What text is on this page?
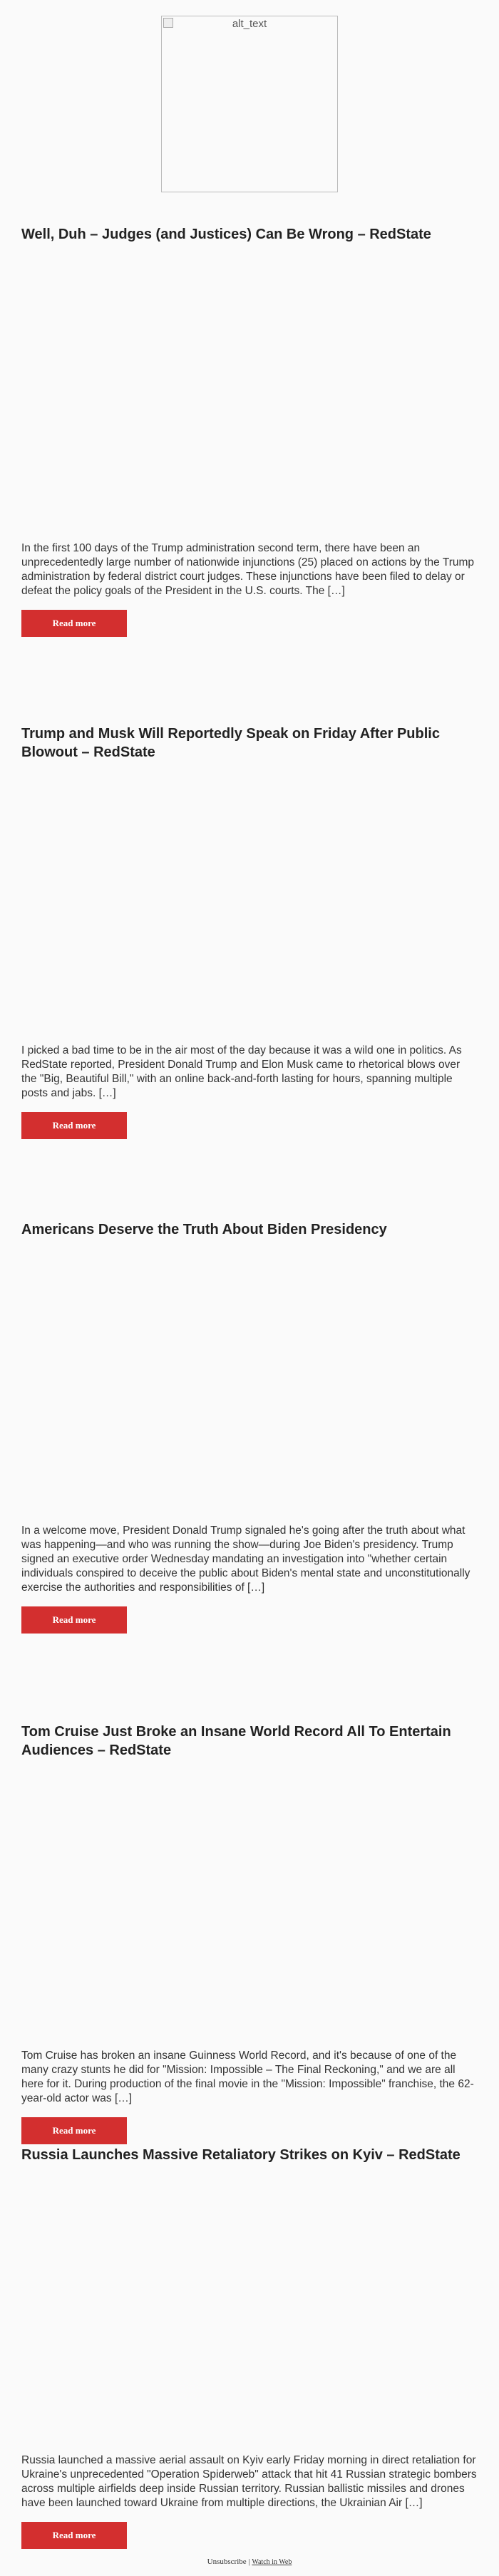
alt_text
Well, Duh – Judges (and Justices) Can Be Wrong – RedState

In the first 100 days of the Trump administration second term, there have been an unprecedentedly large number of nationwide injunctions (25) placed on actions by the Trump administration by federal district court judges. These injunctions have been filed to delay or defeat the policy goals of the President in the U.S. courts. The […]

Read more
Trump and Musk Will Reportedly Speak on Friday After Public Blowout – RedState

I picked a bad time to be in the air most of the day because it was a wild one in politics. As RedState reported, President Donald Trump and Elon Musk came to rhetorical blows over the "Big, Beautiful Bill," with an online back-and-forth lasting for hours, spanning multiple posts and jabs. […]

Read more
Americans Deserve the Truth About Biden Presidency

In a welcome move, President Donald Trump signaled he's going after the truth about what was happening—and who was running the show—during Joe Biden's presidency. Trump signed an executive order Wednesday mandating an investigation into "whether certain individuals conspired to deceive the public about Biden's mental state and unconstitutionally exercise the authorities and responsibilities of […]

Read more
Tom Cruise Just Broke an Insane World Record All To Entertain Audiences – RedState

Tom Cruise has broken an insane Guinness World Record, and it's because of one of the many crazy stunts he did for "Mission: Impossible – The Final Reckoning," and we are all here for it. During production of the final movie in the "Mission: Impossible" franchise, the 62-year-old actor was […]

Read more
Russia Launches Massive Retaliatory Strikes on Kyiv – RedState

Russia launched a massive aerial assault on Kyiv early Friday morning in direct retaliation for Ukraine's unprecedented "Operation Spiderweb" attack that hit 41 Russian strategic bombers across multiple airfields deep inside Russian territory. Russian ballistic missiles and drones have been launched toward Ukraine from multiple directions, the Ukrainian Air […]

Read more
Unsubscribe | Watch in Web
